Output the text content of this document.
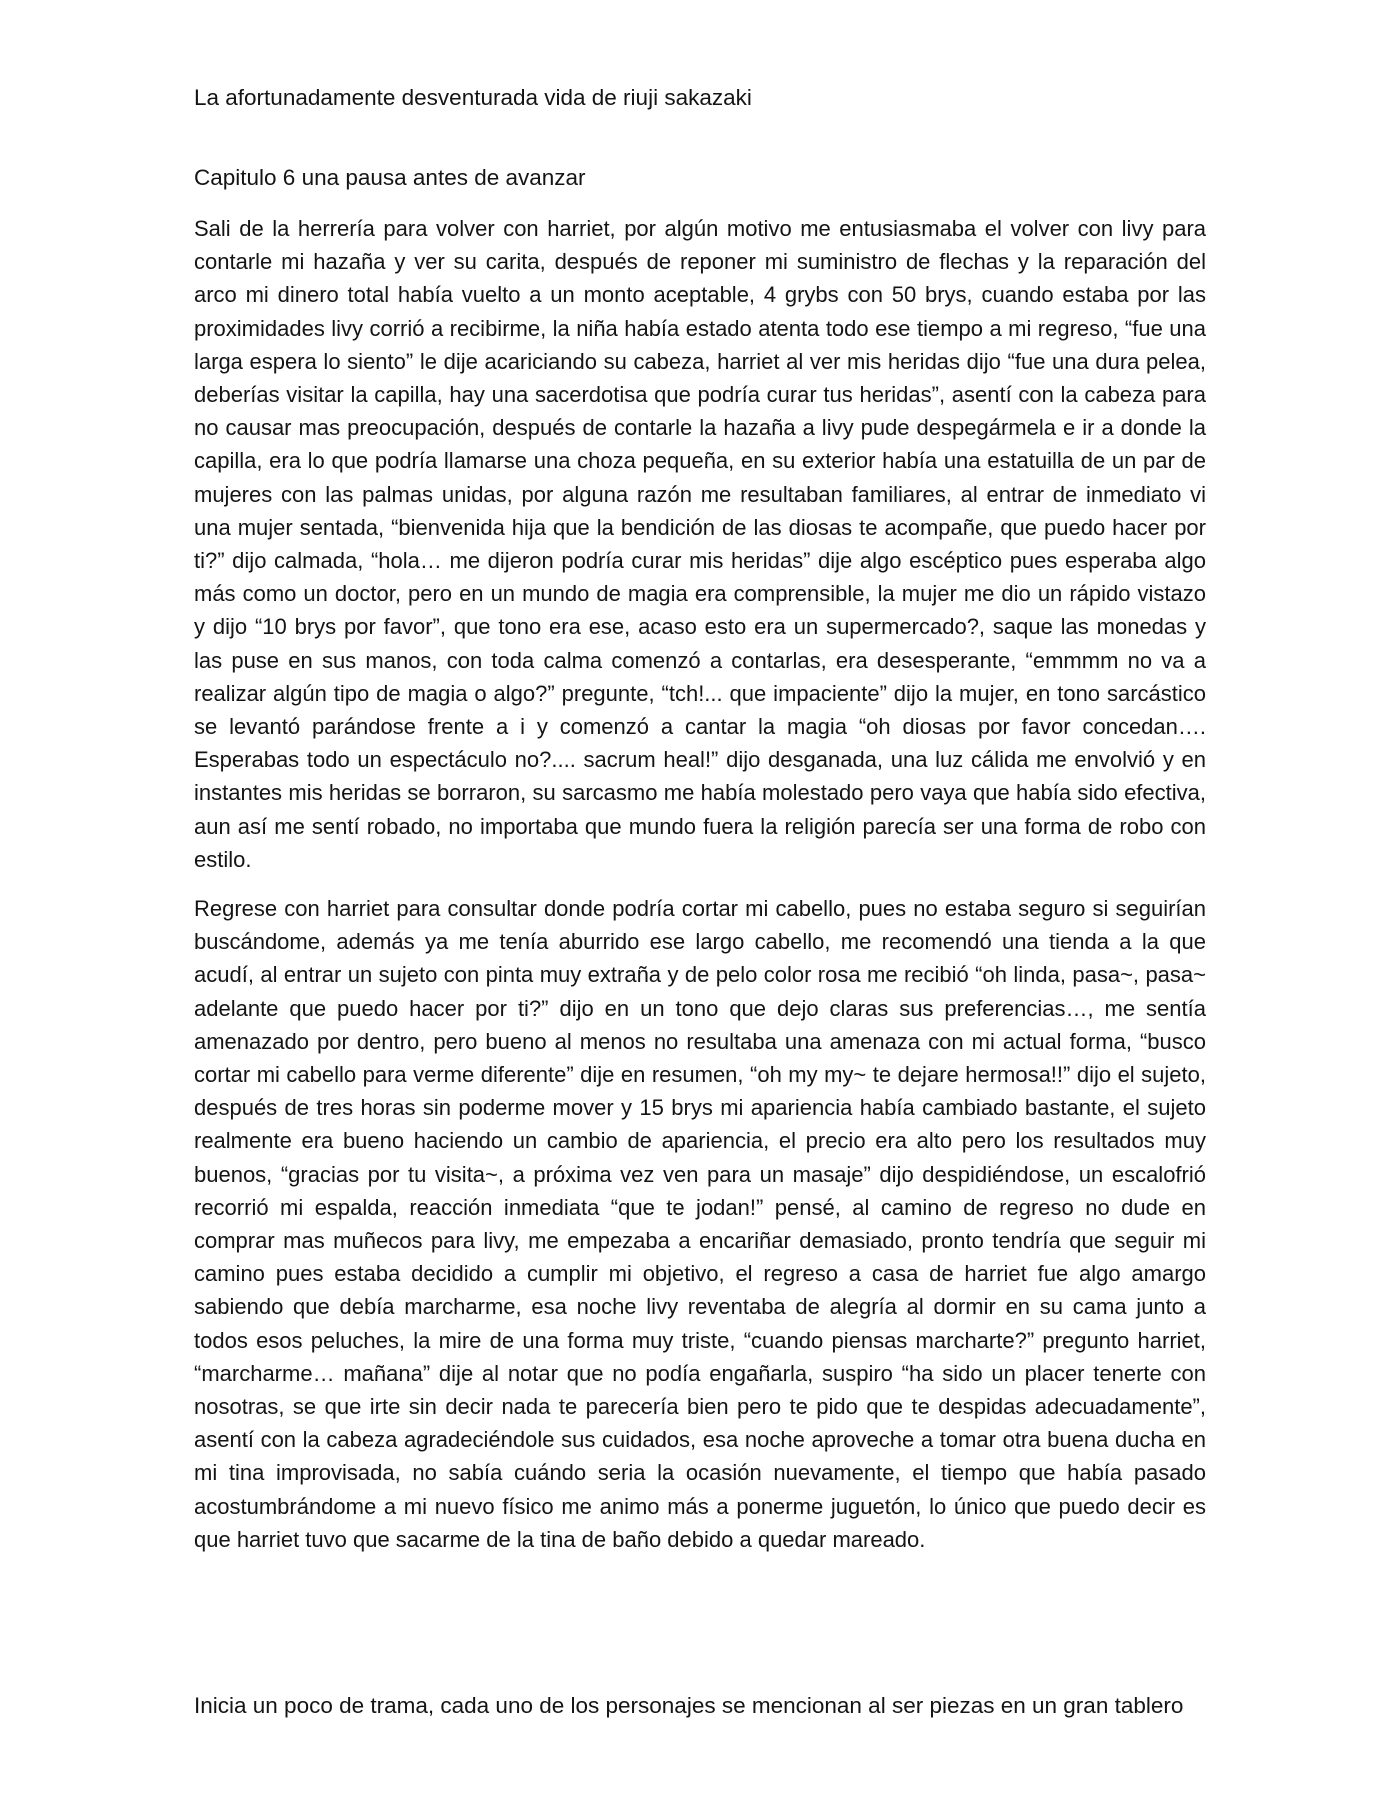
La afortunadamente desventurada vida de riuji sakazaki
Capitulo 6 una pausa antes de avanzar

Sali de la herrería para volver con harriet, por algún motivo me entusiasmaba el volver con livy para contarle mi hazaña y ver su carita, después de reponer mi suministro de flechas y la reparación del arco mi dinero total había vuelto a un monto aceptable, 4 grybs con 50 brys, cuando estaba por las proximidades livy corrió a recibirme, la niña había estado atenta todo ese tiempo a mi regreso, “fue una larga espera lo siento” le dije acariciando su cabeza, harriet al ver mis heridas dijo “fue una dura pelea, deberías visitar la capilla, hay una sacerdotisa que podría curar tus heridas”, asentí con la cabeza para no causar mas preocupación, después de contarle la hazaña a livy pude despegármela e ir a donde la capilla, era lo que podría llamarse una choza pequeña, en su exterior había una estatuilla de un par de mujeres con las palmas unidas, por alguna razón me resultaban familiares, al entrar de inmediato vi una mujer sentada, “bienvenida hija que la bendición de las diosas te acompañe, que puedo hacer por ti?” dijo calmada, “hola… me dijeron podría curar mis heridas” dije algo escéptico pues esperaba algo más como un doctor, pero en un mundo de magia era comprensible, la mujer me dio un rápido vistazo y dijo “10 brys por favor”, que tono era ese, acaso esto era un supermercado?, saque las monedas y las puse en sus manos, con toda calma comenzó a contarlas, era desesperante, “emmmm no va a realizar algún tipo de magia o algo?” pregunte, “tch!... que impaciente” dijo la mujer, en tono sarcástico se levantó parándose frente a i y comenzó a cantar la magia “oh diosas por favor concedan…. Esperabas todo un espectáculo no?.... sacrum heal!” dijo desganada, una luz cálida me envolvió y en instantes mis heridas se borraron, su sarcasmo me había molestado pero vaya que había sido efectiva, aun así me sentí robado, no importaba que mundo fuera la religión parecía ser una forma de robo con estilo.

Regrese con harriet para consultar donde podría cortar mi cabello, pues no estaba seguro si seguirían buscándome, además ya me tenía aburrido ese largo cabello, me recomendó una tienda a la que acudí, al entrar un sujeto con pinta muy extraña y de pelo color rosa me recibió “oh linda, pasa~, pasa~ adelante que puedo hacer por ti?” dijo en un tono que dejo claras sus preferencias…, me sentía amenazado por dentro, pero bueno al menos no resultaba una amenaza con mi actual forma, “busco cortar mi cabello para verme diferente” dije en resumen, “oh my my~ te dejare hermosa!!” dijo el sujeto, después de tres horas sin poderme mover y 15 brys mi apariencia había cambiado bastante, el sujeto realmente era bueno haciendo un cambio de apariencia, el precio era alto pero los resultados muy buenos, “gracias por tu visita~, a próxima vez ven para un masaje” dijo despidiéndose, un escalofrió recorrió mi espalda, reacción inmediata “que te jodan!” pensé, al camino de regreso no dude en comprar mas muñecos para livy, me empezaba a encariñar demasiado, pronto tendría que seguir mi camino pues estaba decidido a cumplir mi objetivo, el regreso a casa de harriet fue algo amargo sabiendo que debía marcharme, esa noche livy reventaba de alegría al dormir en su cama junto a todos esos peluches, la mire de una forma muy triste, “cuando piensas marcharte?” pregunto harriet, “marcharme… mañana” dije al notar que no podía engañarla, suspiro “ha sido un placer tenerte con nosotras, se que irte sin decir nada te parecería bien pero te pido que te despidas adecuadamente”, asentí con la cabeza agradeciéndole sus cuidados, esa noche aproveche a tomar otra buena ducha en mi tina improvisada, no sabía cuándo seria la ocasión nuevamente, el tiempo que había pasado acostumbrándome a mi nuevo físico me animo más a ponerme juguetón, lo único que puedo decir es que harriet tuvo que sacarme de la tina de baño debido a quedar mareado.

Inicia un poco de trama, cada uno de los personajes se mencionan al ser piezas en un gran tablero
